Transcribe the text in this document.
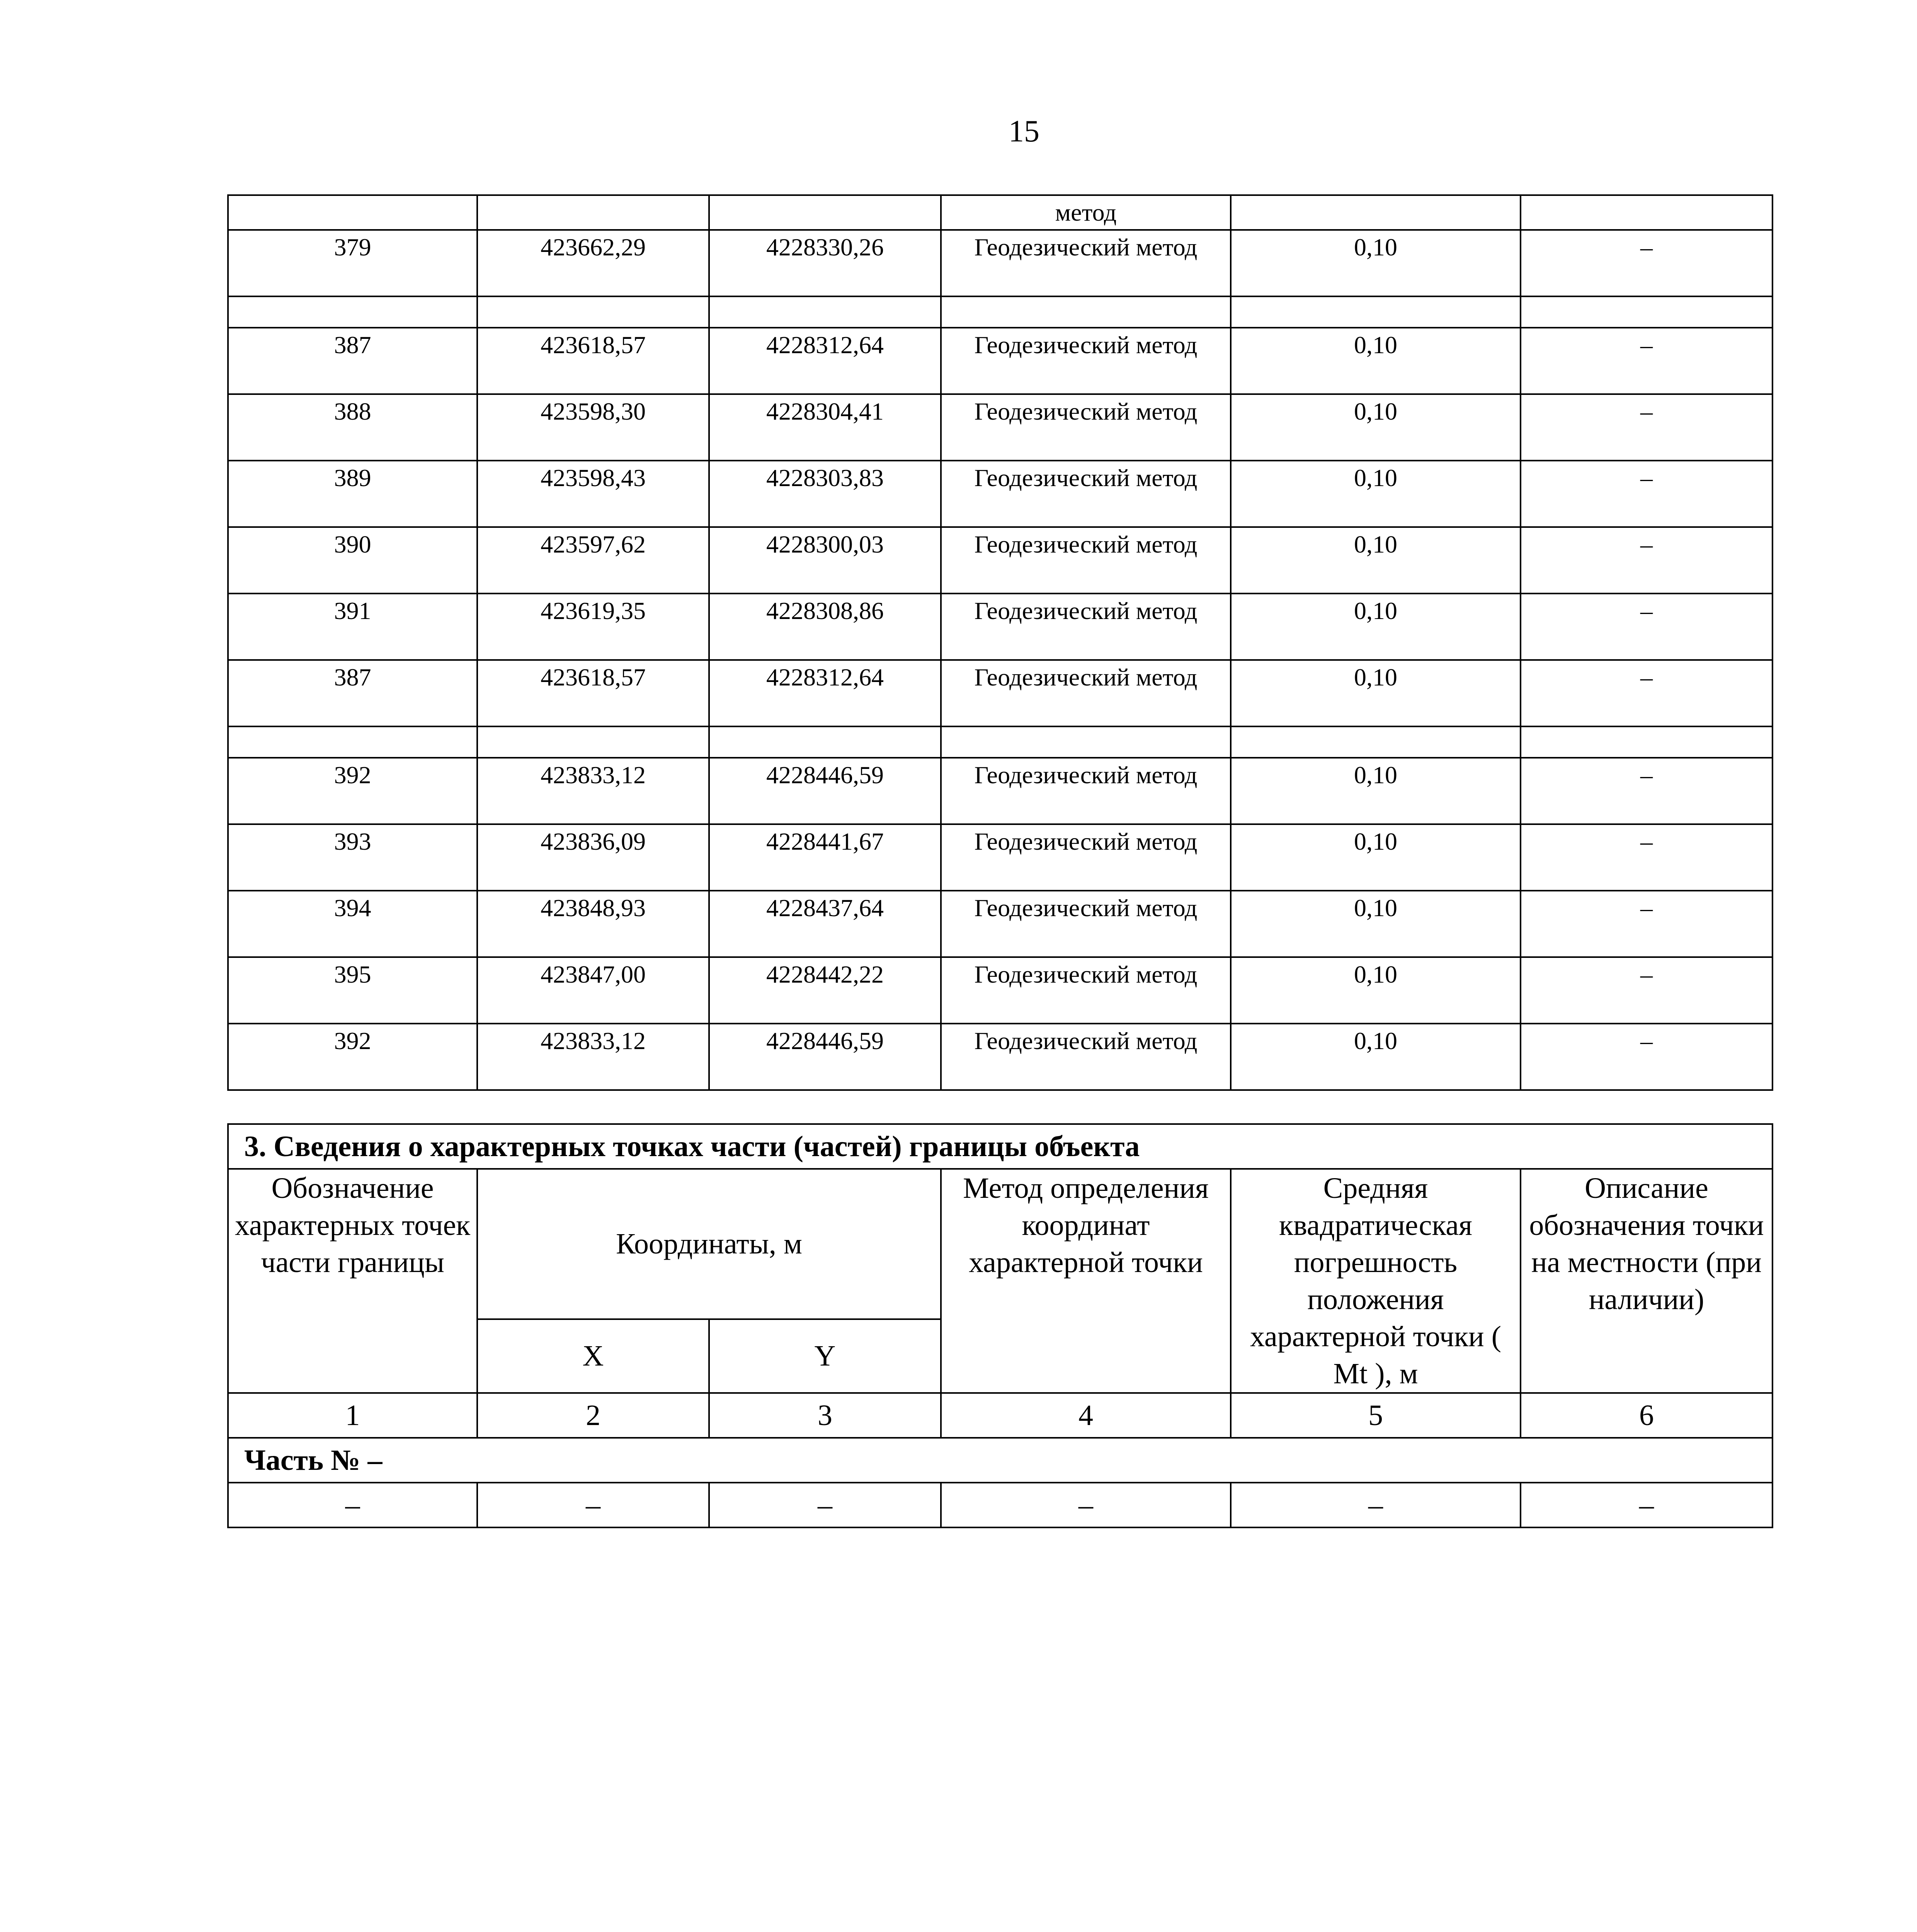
15
			метод		
379	423662,29	4228330,26	Геодезический метод	0,10	–

387	423618,57	4228312,64	Геодезический метод	0,10	–
388	423598,30	4228304,41	Геодезический метод	0,10	–
389	423598,43	4228303,83	Геодезический метод	0,10	–
390	423597,62	4228300,03	Геодезический метод	0,10	–
391	423619,35	4228308,86	Геодезический метод	0,10	–
387	423618,57	4228312,64	Геодезический метод	0,10	–

392	423833,12	4228446,59	Геодезический метод	0,10	–
393	423836,09	4228441,67	Геодезический метод	0,10	–
394	423848,93	4228437,64	Геодезический метод	0,10	–
395	423847,00	4228442,22	Геодезический метод	0,10	–
392	423833,12	4228446,59	Геодезический метод	0,10	–
3. Сведения о характерных точках части (частей) границы объекта					
Обозначение характерных точек части границы	Координаты, м		Метод определения координат характерной точки	Средняя квадратическая погрешность положения характерной точки ( Mt ), м	Описание обозначения точки на местности (при наличии)
	X	Y			
1	2	3	4	5	6
Часть № –					
–	–	–	–	–	–
